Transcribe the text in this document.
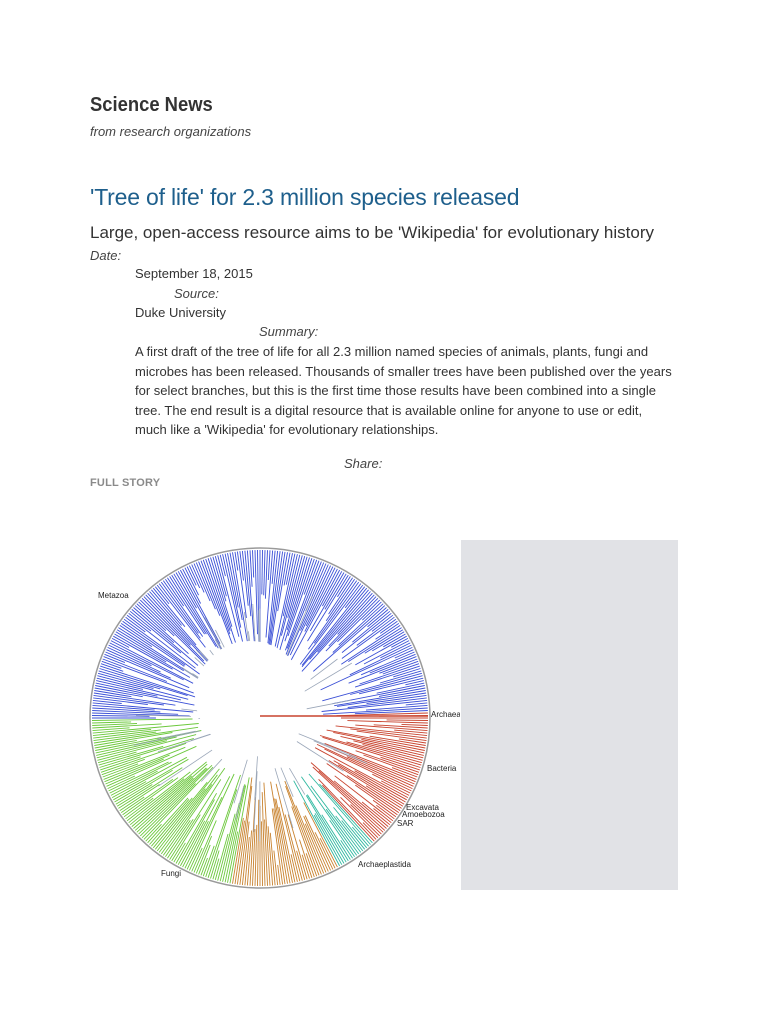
Science News
from research organizations
'Tree of life' for 2.3 million species released
Large, open-access resource aims to be 'Wikipedia' for evolutionary history
Date:
September 18, 2015
Source:
Duke University
Summary:

A first draft of the tree of life for all 2.3 million named species of animals, plants, fungi and microbes has been released. Thousands of smaller trees have been published over the years for select branches, but this is the first time those results have been combined into a single tree. The end result is a digital resource that is available online for anyone to use or edit, much like a 'Wikipedia' for evolutionary relationships.

Share:
FULL STORY
Metazoa
Archaea
Bacteria
Excavata
Amoebozoa
SAR
Archaeplastida
Fungi
